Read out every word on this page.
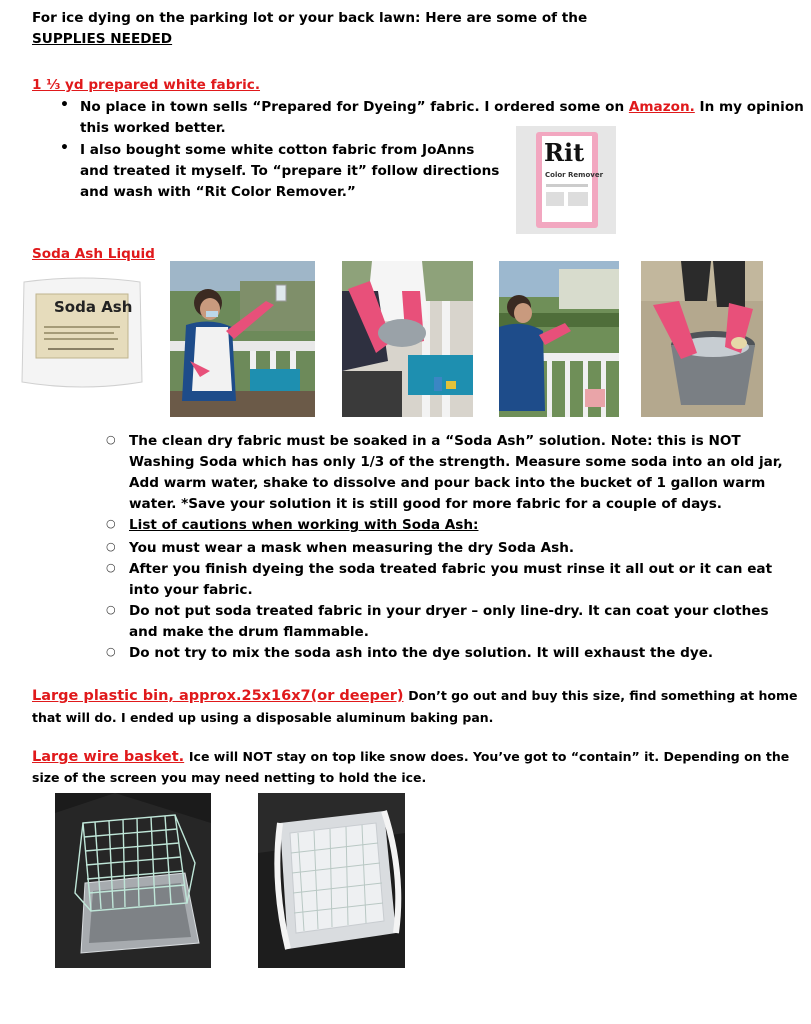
For ice dying on the parking lot or your back lawn: Here are some of the
SUPPLIES NEEDED
1 ⅓ yd prepared white fabric.
• No place in town sells “Prepared for Dyeing” fabric. I ordered some on Amazon. In my opinion
this worked better.
• I also bought some white cotton fabric from JoAnns
and treated it myself. To “prepare it” follow directions
and wash with “Rit Color Remover.”
Rit
Color Remover
Soda Ash Liquid
Soda Ash
○ The clean dry fabric must be soaked in a “Soda Ash” solution. Note: this is NOT
Washing Soda which has only 1/3 of the strength. Measure some soda into an old jar,
Add warm water, shake to dissolve and pour back into the bucket of 1 gallon warm
water. *Save your solution it is still good for more fabric for a couple of days.
○ List of cautions when working with Soda Ash:
○ You must wear a mask when measuring the dry Soda Ash.
○ After you finish dyeing the soda treated fabric you must rinse it all out or it can eat
into your fabric.
○ Do not put soda treated fabric in your dryer – only line-dry. It can coat your clothes
and make the drum flammable.
○ Do not try to mix the soda ash into the dye solution. It will exhaust the dye.
Large plastic bin, approx.25x16x7(or deeper) Don’t go out and buy this size, find something at home
that will do. I ended up using a disposable aluminum baking pan.
Large wire basket. Ice will NOT stay on top like snow does. You’ve got to “contain” it. Depending on the
size of the screen you may need netting to hold the ice.
